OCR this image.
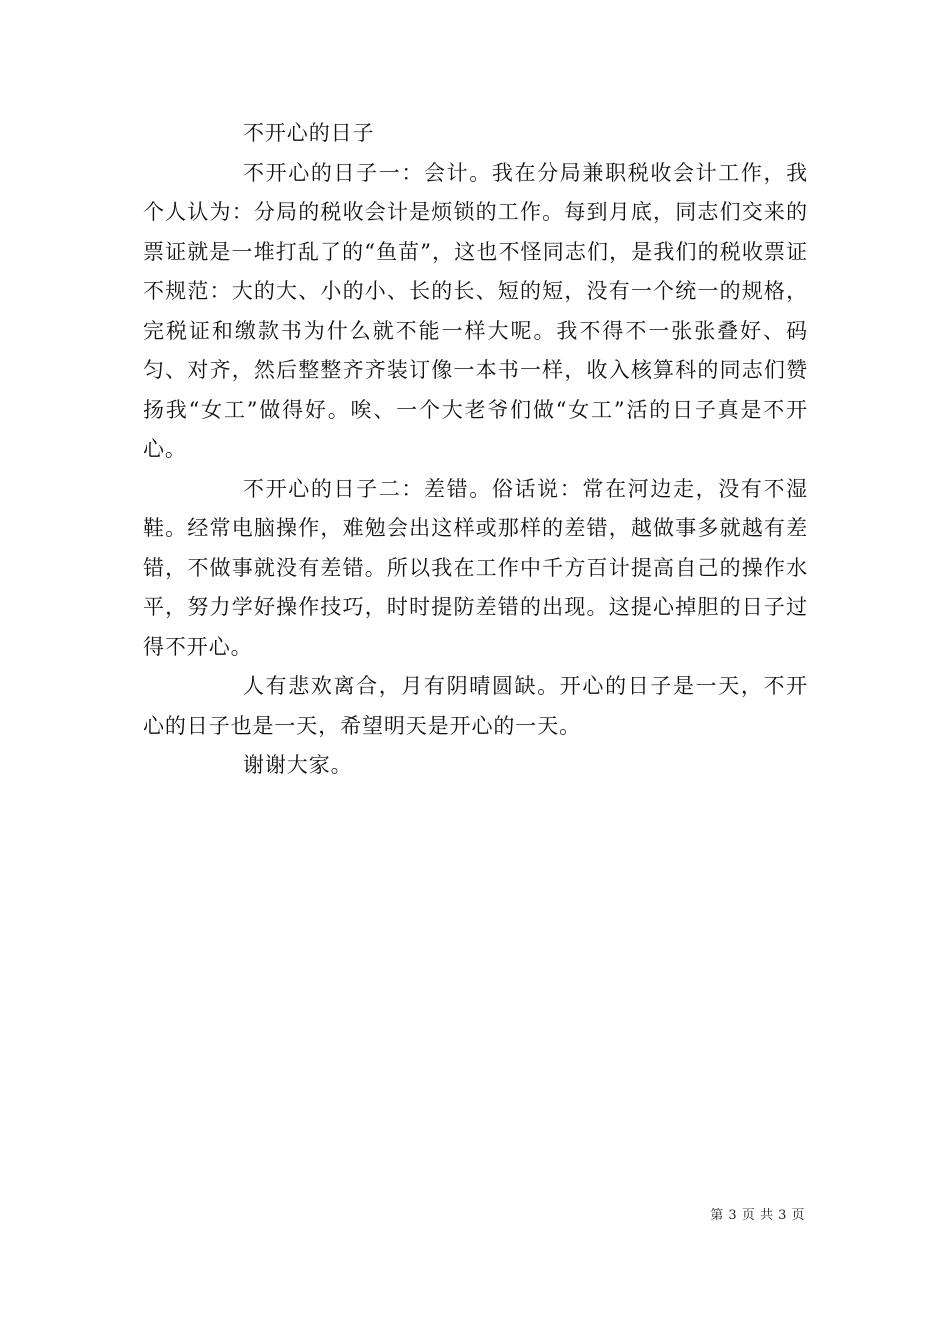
不开心的日子

不开心的日子一：会计。我在分局兼职税收会计工作，我个人认为：分局的税收会计是烦锁的工作。每到月底，同志们交来的票证就是一堆打乱了的“鱼苗”，这也不怪同志们，是我们的税收票证不规范：大的大、小的小、长的长、短的短，没有一个统一的规格，完税证和缴款书为什么就不能一样大呢。我不得不一张张叠好、码匀、对齐，然后整整齐齐装订像一本书一样，收入核算科的同志们赞扬我“女工”做得好。唉、一个大老爷们做“女工”活的日子真是不开心。

不开心的日子二：差错。俗话说：常在河边走，没有不湿鞋。经常电脑操作，难勉会出这样或那样的差错，越做事多就越有差错，不做事就没有差错。所以我在工作中千方百计提高自己的操作水平，努力学好操作技巧，时时提防差错的出现。这提心掉胆的日子过得不开心。

人有悲欢离合，月有阴晴圆缺。开心的日子是一天，不开心的日子也是一天，希望明天是开心的一天。

谢谢大家。

第 3 页 共 3 页
